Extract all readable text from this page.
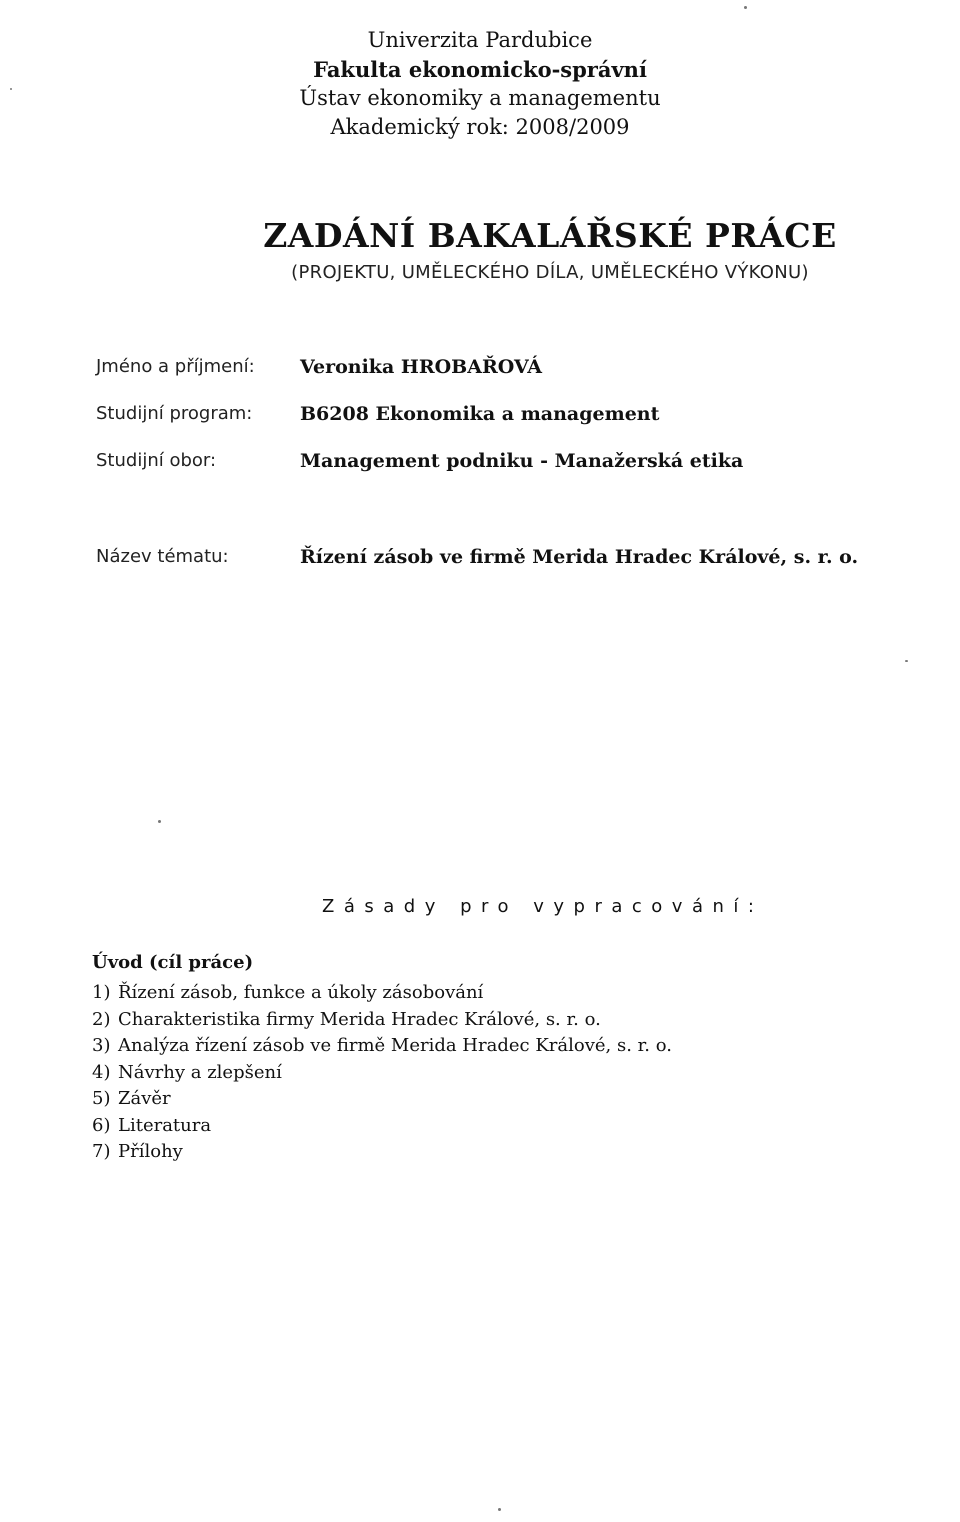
Univerzita Pardubice
Fakulta ekonomicko-správní
Ústav ekonomiky a managementu
Akademický rok: 2008/2009
ZADÁNÍ BAKALÁŘSKÉ PRÁCE
(PROJEKTU, UMĚLECKÉHO DÍLA, UMĚLECKÉHO VÝKONU)
Jméno a příjmení: Veronika HROBAŘOVÁ
Studijní program:	B6208 Ekonomika a management
Studijní obor:	Management podniku - Manažerská etika
Název tématu:	Řízení zásob ve firmě Merida Hradec Králové, s. r. o.
Zásady pro vypracování:
Úvod (cíl práce)
1) Řízení zásob, funkce a úkoly zásobování
2) Charakteristika firmy Merida Hradec Králové, s. r. o.
3) Analýza řízení zásob ve firmě Merida Hradec Králové, s. r. o.
4) Návrhy a zlepšení
5) Závěr
6) Literatura
7) Přílohy
